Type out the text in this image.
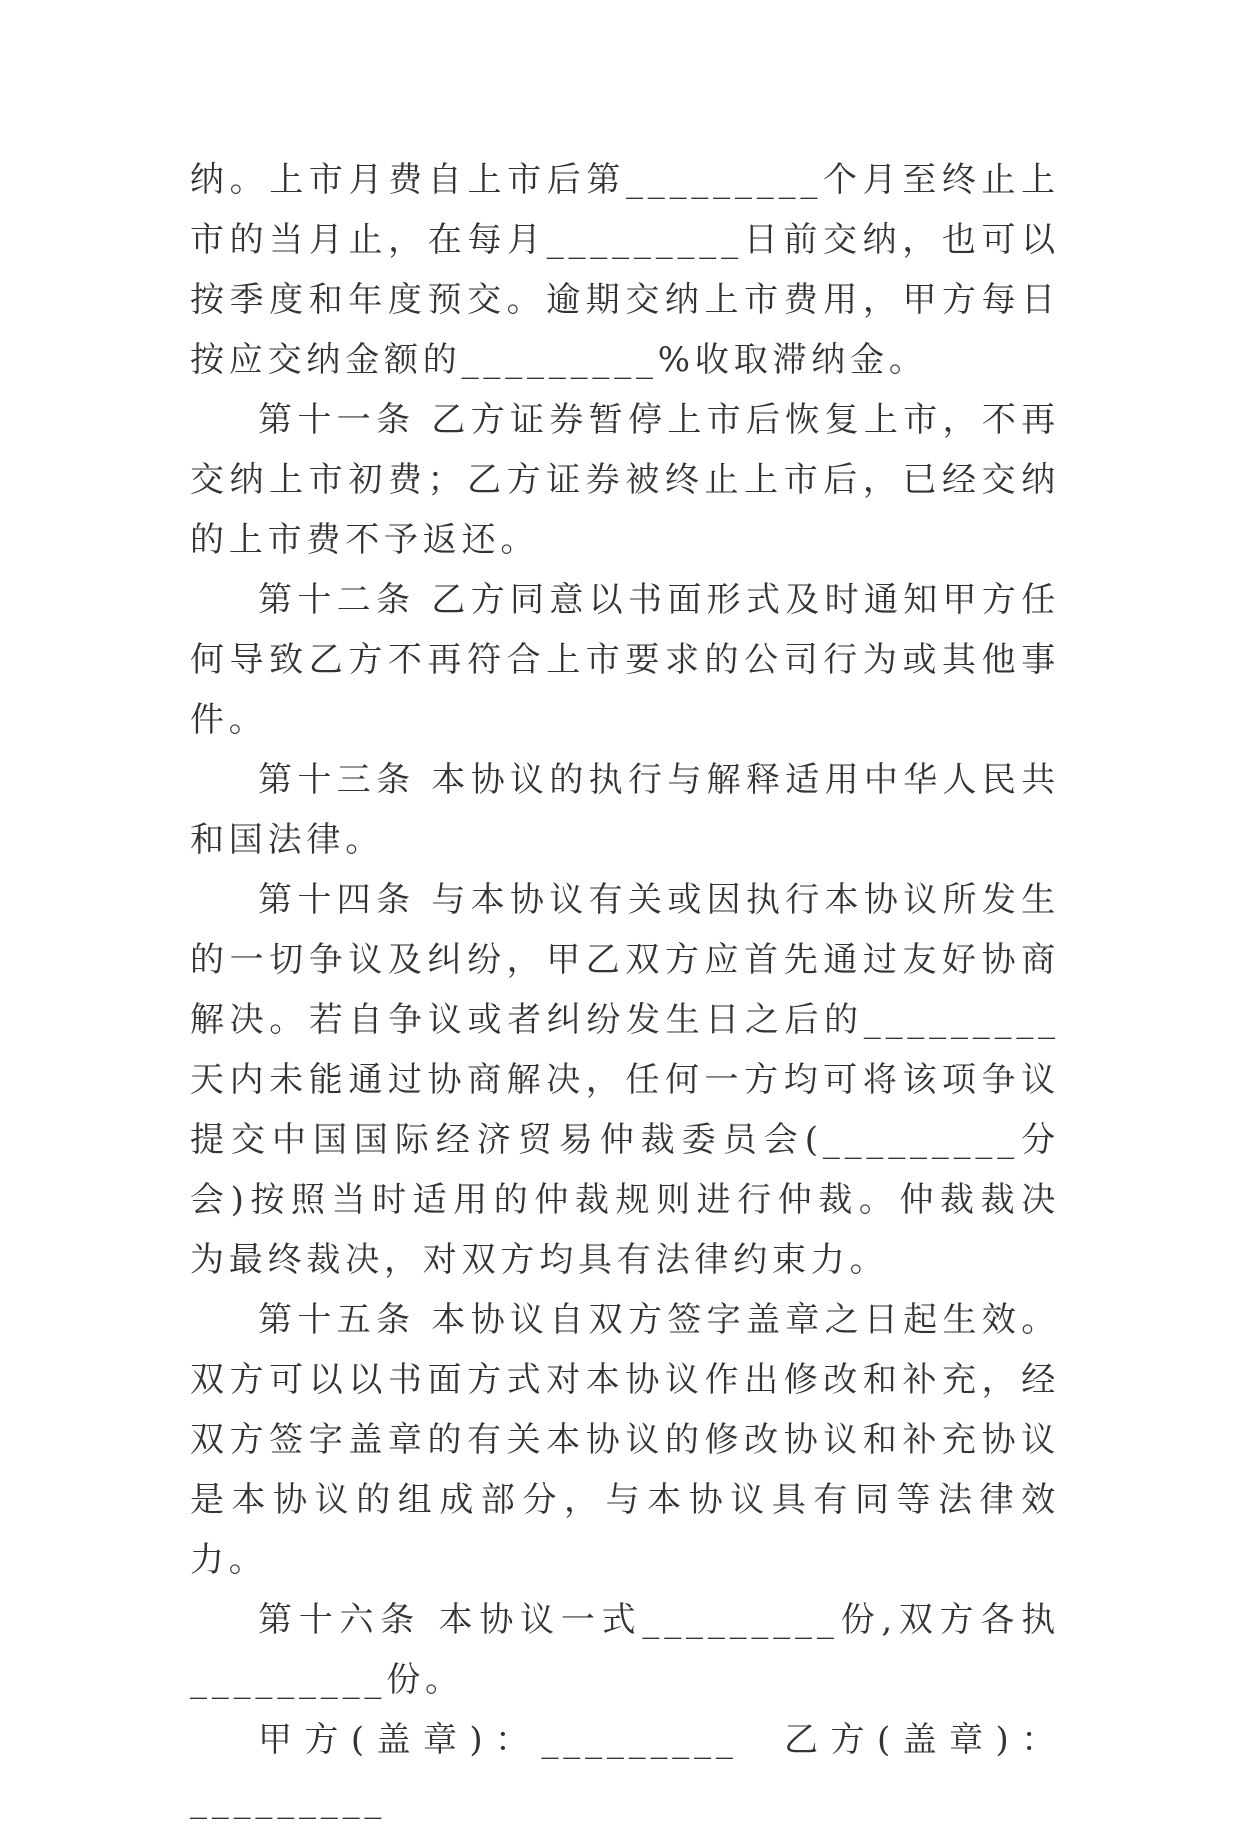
纳。上市月费自上市后第_________个月至终止上市的当月止，在每月_________日前交纳，也可以按季度和年度预交。逾期交纳上市费用，甲方每日按应交纳金额的_________%收取滞纳金。

第十一条 乙方证券暂停上市后恢复上市，不再交纳上市初费；乙方证券被终止上市后，已经交纳的上市费不予返还。

第十二条 乙方同意以书面形式及时通知甲方任何导致乙方不再符合上市要求的公司行为或其他事件。

第十三条 本协议的执行与解释适用中华人民共和国法律。

第十四条 与本协议有关或因执行本协议所发生的一切争议及纠纷，甲乙双方应首先通过友好协商解决。若自争议或者纠纷发生日之后的_________天内未能通过协商解决，任何一方均可将该项争议提交中国国际经济贸易仲裁委员会(_________分会)按照当时适用的仲裁规则进行仲裁。仲裁裁决为最终裁决，对双方均具有法律约束力。

第十五条 本协议自双方签字盖章之日起生效。双方可以以书面方式对本协议作出修改和补充，经双方签字盖章的有关本协议的修改协议和补充协议是本协议的组成部分，与本协议具有同等法律效力。

第十六条 本协议一式_________份,双方各执_________份。

甲方(盖章)：_________ 乙方(盖章)：_________
